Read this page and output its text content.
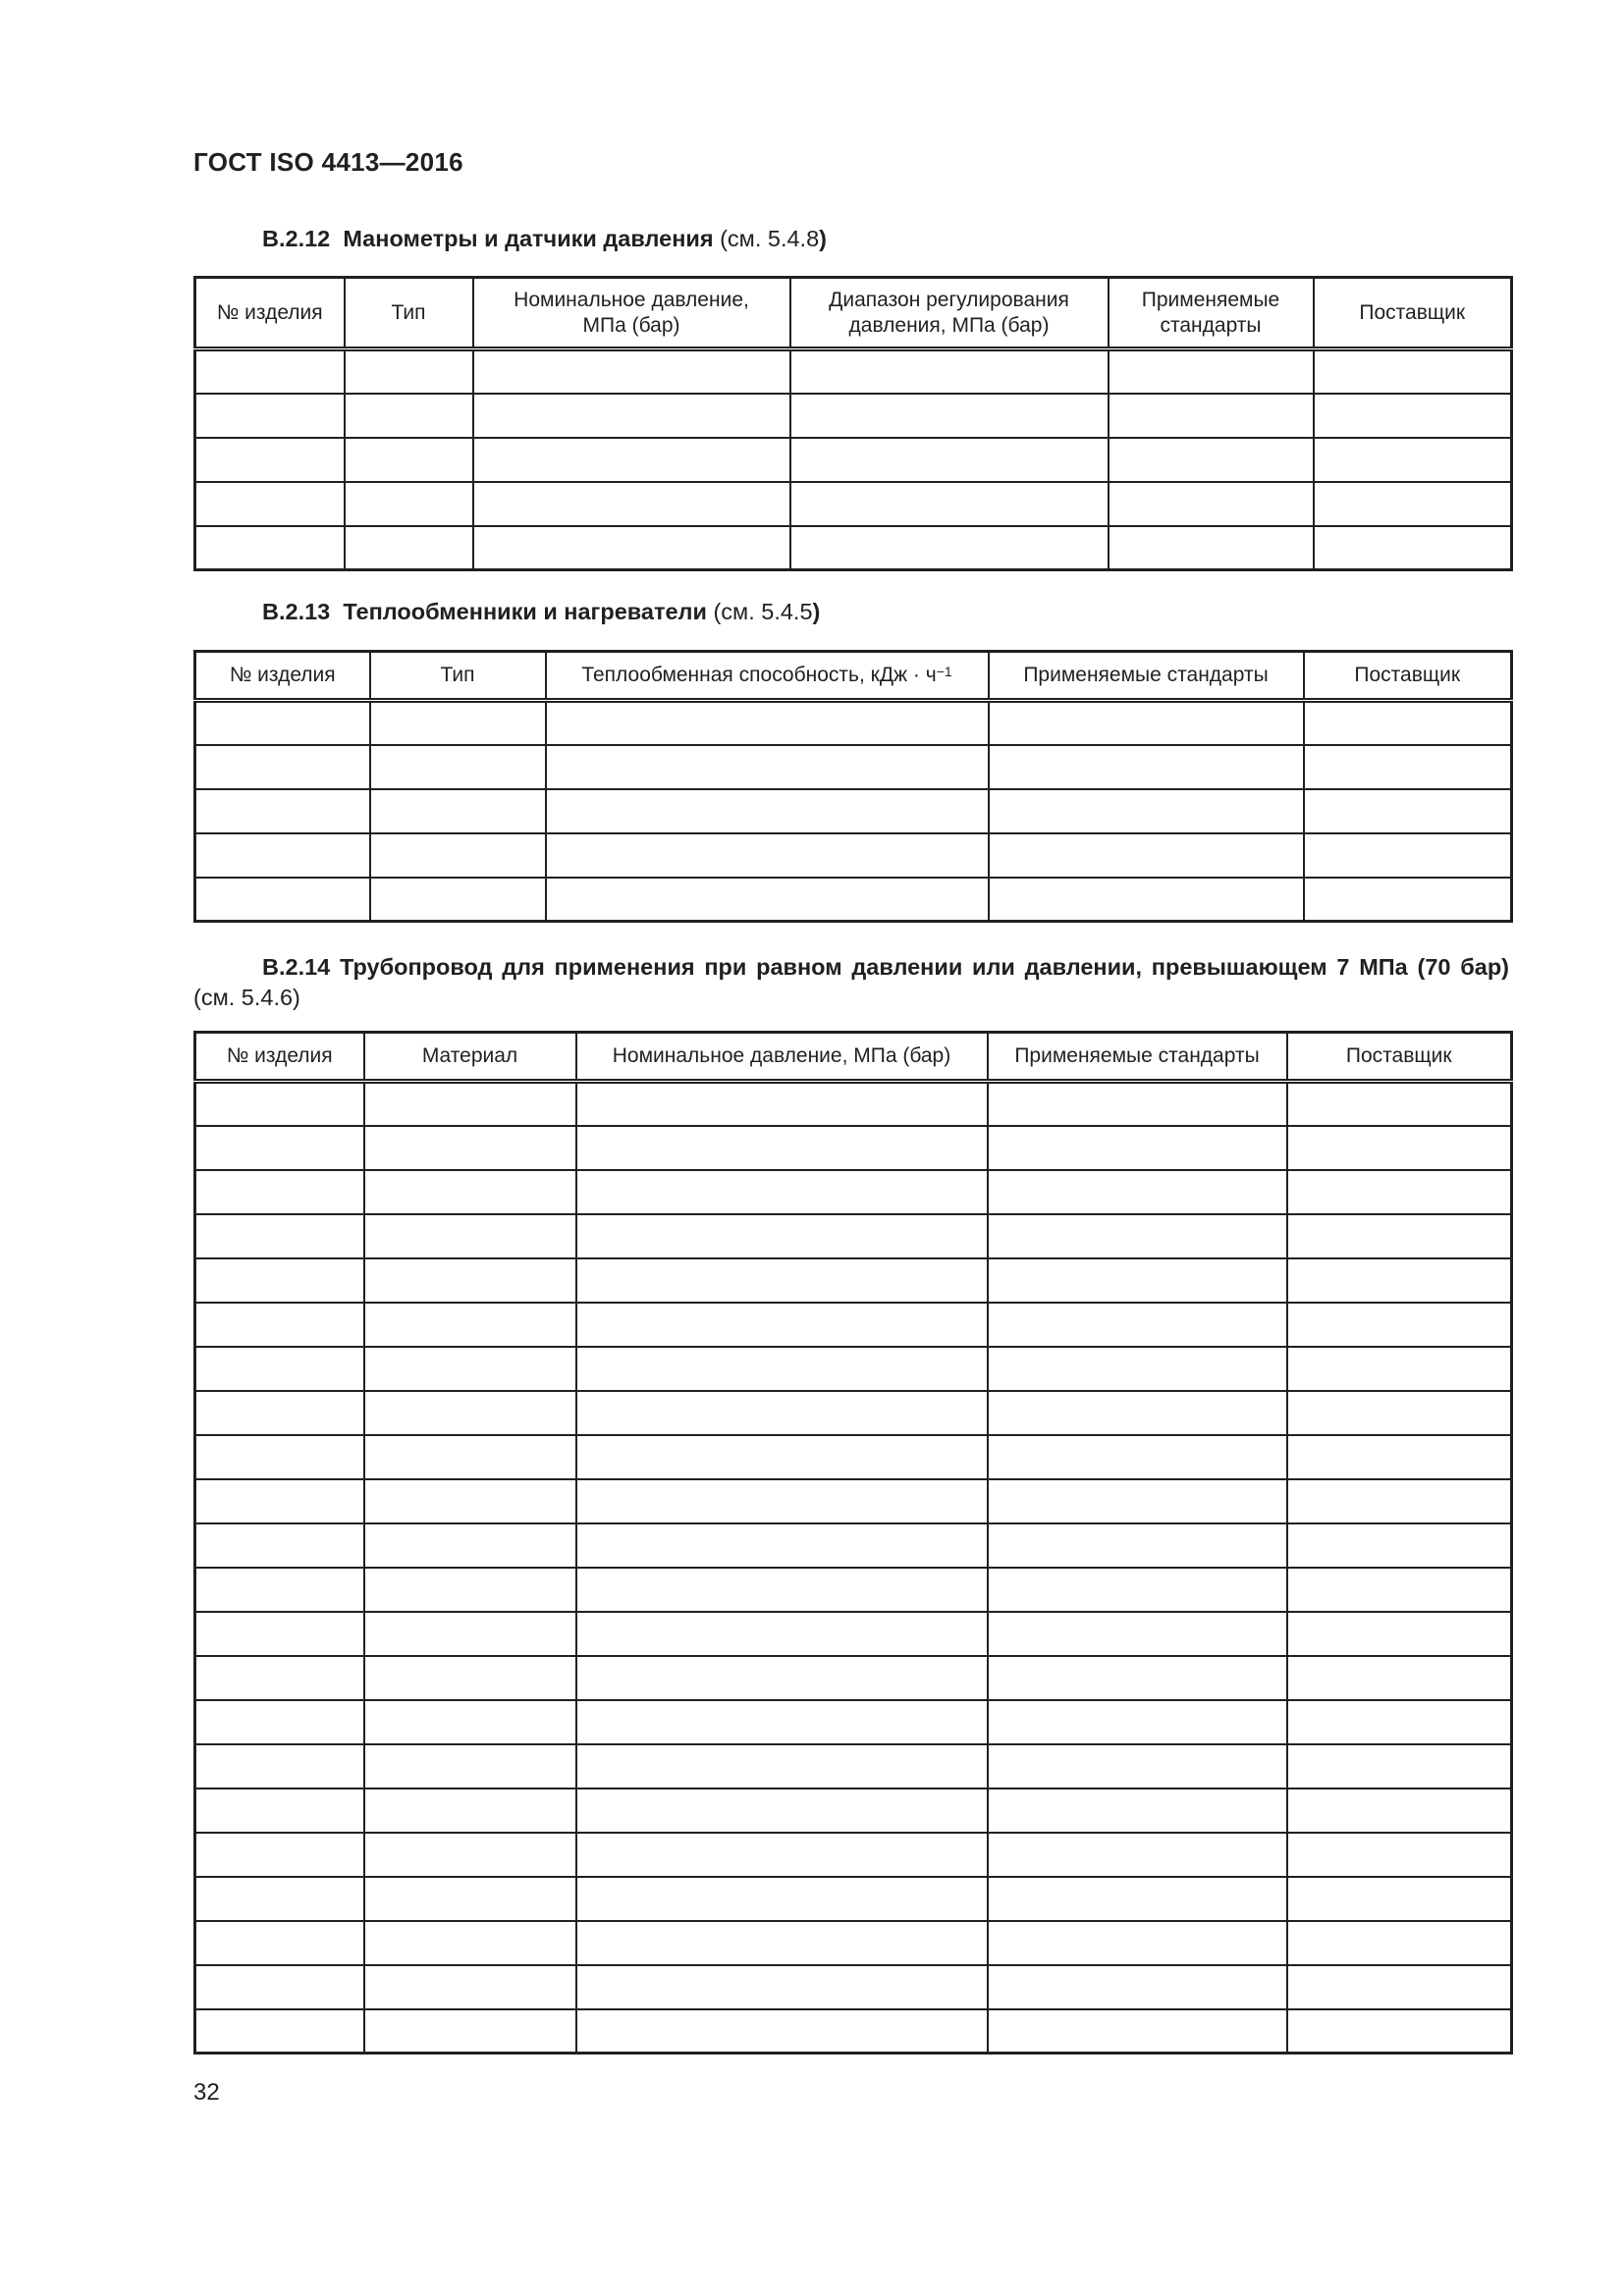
ГОСТ ISO 4413—2016
B.2.12 Манометры и датчики давления (см. 5.4.8)
№ изделия	Тип	Номинальное давление, МПа (бар)	Диапазон регулирования давления, МПа (бар)	Применяемые стандарты	Поставщик

B.2.13 Теплообменники и нагреватели (см. 5.4.5)
№ изделия	Тип	Теплообменная способность, кДж · $ч^{-1}$	Применяемые стандарты	Поставщик

B.2.14 Трубопровод для применения при равном давлении или давлении, превышающем 7 МПа (70 бар) (см. 5.4.6)
№ изделия	Материал	Номинальное давление, МПа (бар)	Применяемые стандарты	Поставщик

32
